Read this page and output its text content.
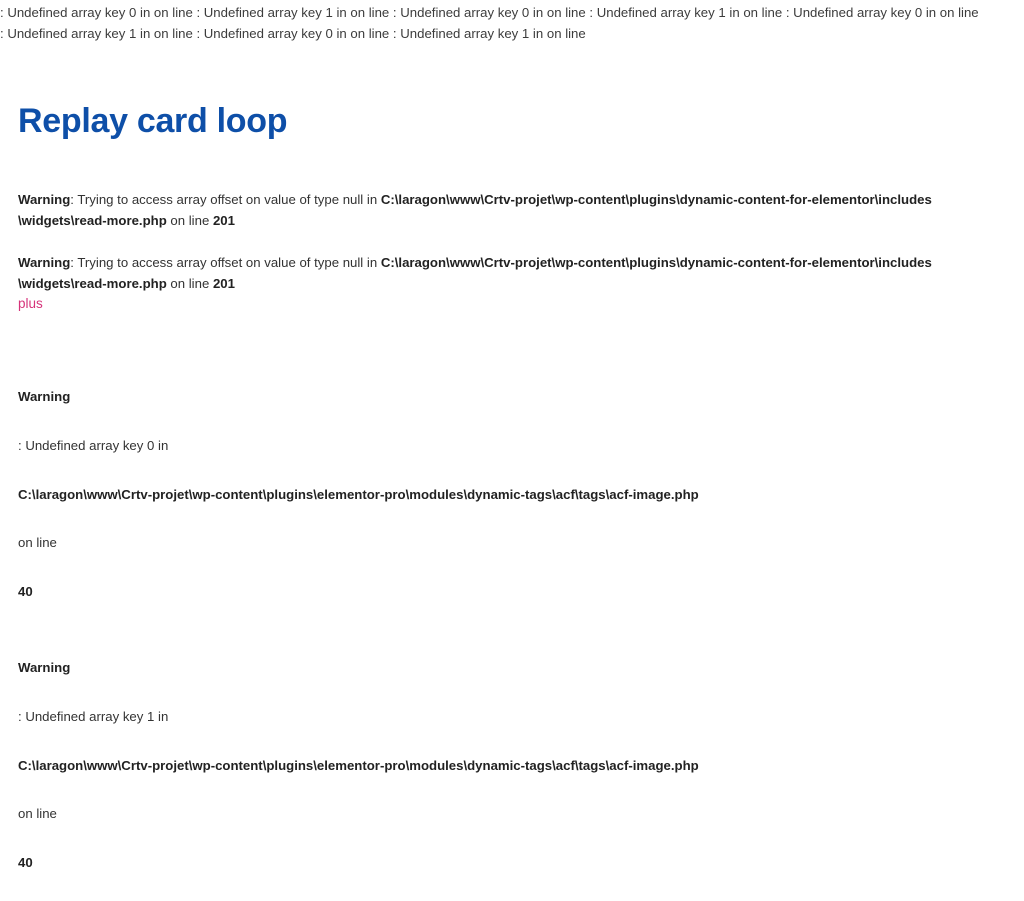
: Undefined array key 0 in on line : Undefined array key 1 in on line : Undefined array key 0 in on line : Undefined array key 1 in on line : Undefined array key 0 in on line
: Undefined array key 1 in on line : Undefined array key 0 in on line : Undefined array key 1 in on line
Replay card loop
Warning: Trying to access array offset on value of type null in C:\laragon\www\Crtv-projet\wp-content\plugins\dynamic-content-for-elementor\includes
\widgets\read-more.php on line 201
Warning: Trying to access array offset on value of type null in C:\laragon\www\Crtv-projet\wp-content\plugins\dynamic-content-for-elementor\includes
\widgets\read-more.php on line 201
plus
Warning
: Undefined array key 0 in
C:\laragon\www\Crtv-projet\wp-content\plugins\elementor-pro\modules\dynamic-tags\acf\tags\acf-image.php
on line
40
Warning
: Undefined array key 1 in
C:\laragon\www\Crtv-projet\wp-content\plugins\elementor-pro\modules\dynamic-tags\acf\tags\acf-image.php
on line
40
